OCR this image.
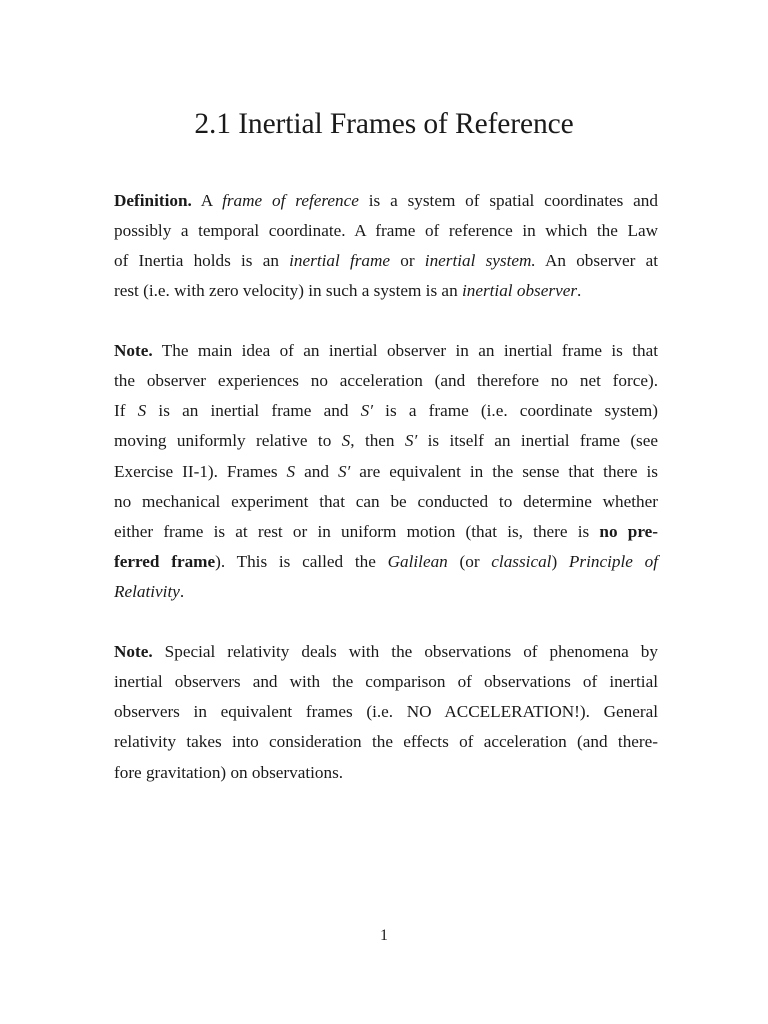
2.1 Inertial Frames of Reference
Definition. A frame of reference is a system of spatial coordinates and
possibly a temporal coordinate. A frame of reference in which the Law
of Inertia holds is an inertial frame or inertial system. An observer at
rest (i.e. with zero velocity) in such a system is an inertial observer.
Note. The main idea of an inertial observer in an inertial frame is that
the observer experiences no acceleration (and therefore no net force).
If S is an inertial frame and S′ is a frame (i.e. coordinate system)
moving uniformly relative to S, then S′ is itself an inertial frame (see
Exercise II-1). Frames S and S′ are equivalent in the sense that there is
no mechanical experiment that can be conducted to determine whether
either frame is at rest or in uniform motion (that is, there is no pre-
ferred frame). This is called the Galilean (or classical) Principle of
Relativity.
Note. Special relativity deals with the observations of phenomena by
inertial observers and with the comparison of observations of inertial
observers in equivalent frames (i.e. NO ACCELERATION!). General
relativity takes into consideration the effects of acceleration (and there-
fore gravitation) on observations.
1
